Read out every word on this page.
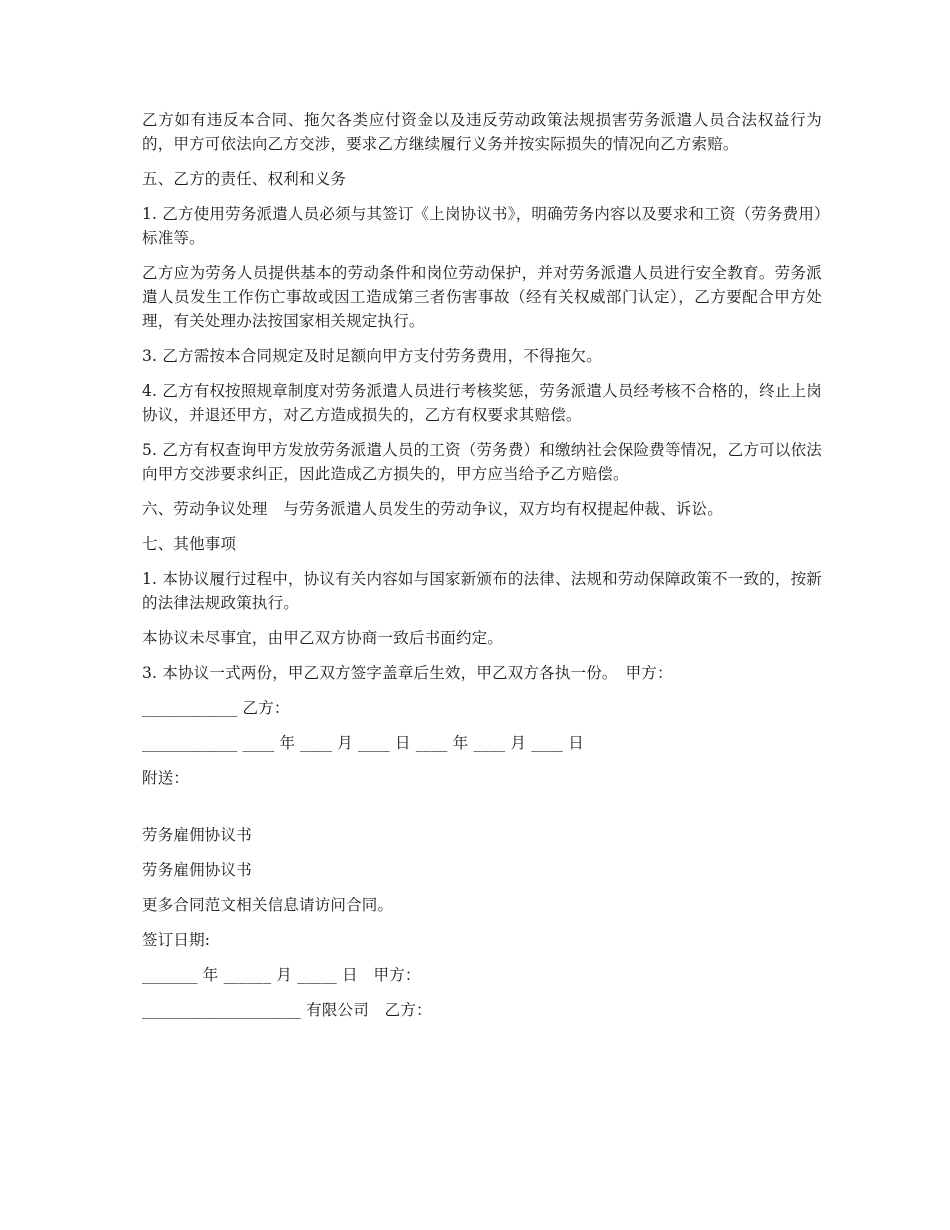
乙方如有违反本合同、拖欠各类应付资金以及违反劳动政策法规损害劳务派遣人员合法权益行为的，甲方可依法向乙方交涉，要求乙方继续履行义务并按实际损失的情况向乙方索赔。

五、乙方的责任、权利和义务

1. 乙方使用劳务派遣人员必须与其签订《上岗协议书》，明确劳务内容以及要求和工资（劳务费用）标准等。

乙方应为劳务人员提供基本的劳动条件和岗位劳动保护，并对劳务派遣人员进行安全教育。劳务派遣人员发生工作伤亡事故或因工造成第三者伤害事故（经有关权威部门认定），乙方要配合甲方处理，有关处理办法按国家相关规定执行。

3. 乙方需按本合同规定及时足额向甲方支付劳务费用，不得拖欠。

4. 乙方有权按照规章制度对劳务派遣人员进行考核奖惩，劳务派遣人员经考核不合格的，终止上岗协议，并退还甲方，对乙方造成损失的，乙方有权要求其赔偿。

5. 乙方有权查询甲方发放劳务派遣人员的工资（劳务费）和缴纳社会保险费等情况，乙方可以依法向甲方交涉要求纠正，因此造成乙方损失的，甲方应当给予乙方赔偿。

六、劳动争议处理　与劳务派遣人员发生的劳动争议，双方均有权提起仲裁、诉讼。

七、其他事项

1. 本协议履行过程中，协议有关内容如与国家新颁布的法律、法规和劳动保障政策不一致的，按新的法律法规政策执行。

本协议未尽事宜，由甲乙双方协商一致后书面约定。

3. 本协议一式两份，甲乙双方签字盖章后生效，甲乙双方各执一份。　甲方：

____________ 乙方：

____________ ____ 年 ____ 月 ____ 日 ____ 年 ____ 月 ____ 日

附送：

劳务雇佣协议书

劳务雇佣协议书

更多合同范文相关信息请访问合同。

签订日期:

_______ 年 ______ 月 _____ 日　甲方：

____________________ 有限公司　乙方：
